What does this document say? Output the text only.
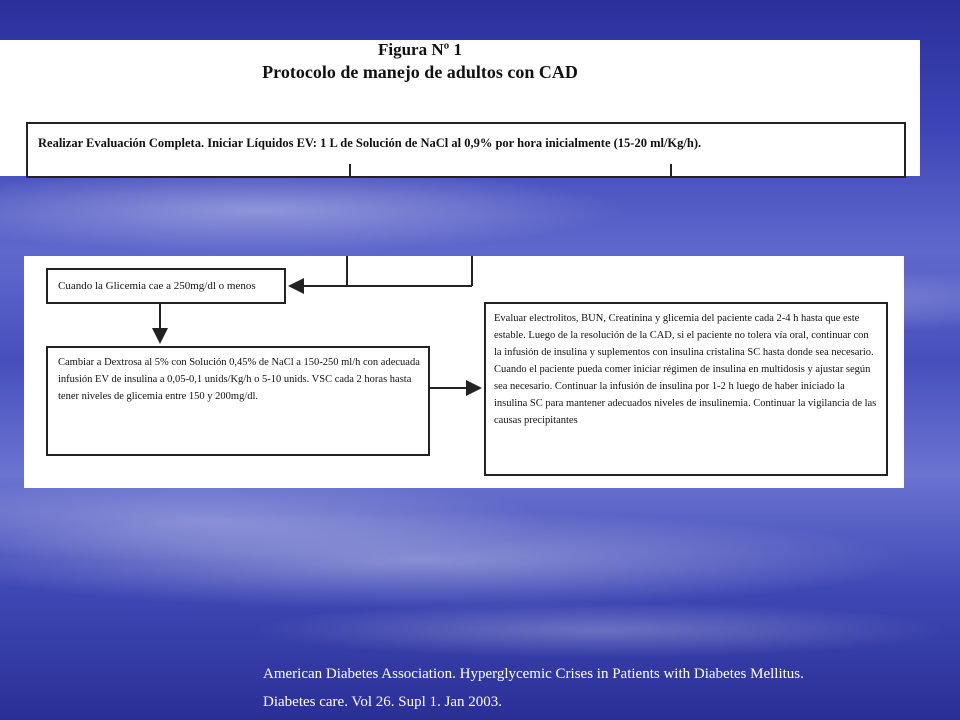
Figura Nº 1
Protocolo de manejo de adultos con CAD
Realizar Evaluación Completa. Iniciar Líquidos EV: 1 L de Solución de NaCl al 0,9% por hora inicialmente (15-20 ml/Kg/h).
Cuando la Glicemia cae a 250mg/dl o menos
Cambiar a Dextrosa al 5% con Solución 0,45% de NaCl a 150-250 ml/h con adecuada infusión EV de insulina a 0,05-0,1 unids/Kg/h o 5-10 unids. VSC cada 2 horas hasta tener niveles de glicemia entre 150 y 200mg/dl.
Evaluar electrolitos, BUN, Creatinina y glicemia del paciente cada 2-4 h hasta que este estable. Luego de la resolución de la CAD, si el paciente no tolera vía oral, continuar con la infusión de insulina y suplementos con insulina cristalina SC hasta donde sea necesario. Cuando el paciente pueda comer iniciar régimen de insulina en multidosis y ajustar según sea necesario. Continuar la infusión de insulina por 1-2 h luego de haber iniciado la insulina SC para mantener adecuados niveles de insulinemia. Continuar la vigilancia de las causas precipitantes
American Diabetes Association. Hyperglycemic Crises in Patients with Diabetes Mellitus.
Diabetes care. Vol 26. Supl 1. Jan 2003.
